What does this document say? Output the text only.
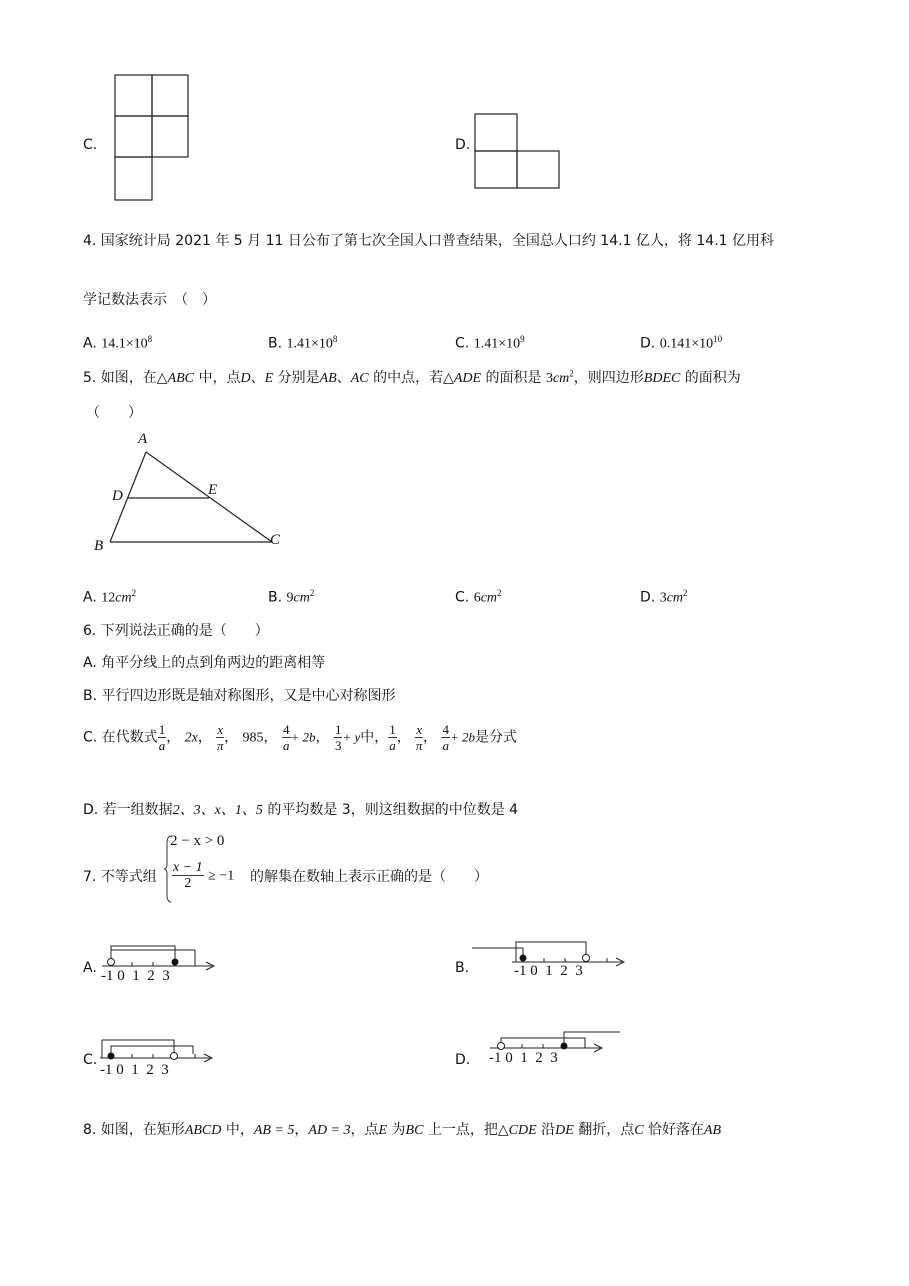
C.	D.
4. 国家统计局 2021 年 5 月 11 日公布了第七次全国人口普查结果，全国总人口约 14.1 亿人，将 14.1 亿用科
学记数法表示　（　）
A. $14.1\times 10^8$	B. $1.41\times 10^8$	C. $1.41\times 10^9$	D. $0.141\times 10^{10}$
5. 如图，在△ABC 中，点D、E 分别是AB、AC 的中点，若△ADE 的面积是 $3cm^2$，则四边形BDEC 的面积为
（　　）
A
D	E
B	C
A. $12cm^2$	B. $9cm^2$	C. $6cm^2$	D. $3cm^2$
6. 下列说法正确的是（　　）
A. 角平分线上的点到角两边的距离相等
B. 平行四边形既是轴对称图形，又是中心对称图形
C. 在代数式 $\frac{1}{a}$ ， 2x， $\frac{x}{\pi}$ ， 985， $\frac{4}{a} + 2b$， $\frac{1}{3} + y$中， $\frac{1}{a}$ ， $\frac{x}{\pi}$ ， $\frac{4}{a} + 2b$是分式
D. 若一组数据2、3、x、1、5 的平均数是 3，则这组数据的中位数是 4
2 − x > 0
7. 不等式组 $\frac{x - 1}{2} \ge -1$ 的解集在数轴上表示正确的是（　　）
A. -1 0 1 2 3	B.	-1 0 1 2 3
C.
-1 0 1 2 3
D. -1 0 1 2 3
8. 如图，在矩形ABCD 中，AB = 5，AD = 3，点E 为BC 上一点，把△CDE 沿DE 翻折，点C 恰好落在AB
